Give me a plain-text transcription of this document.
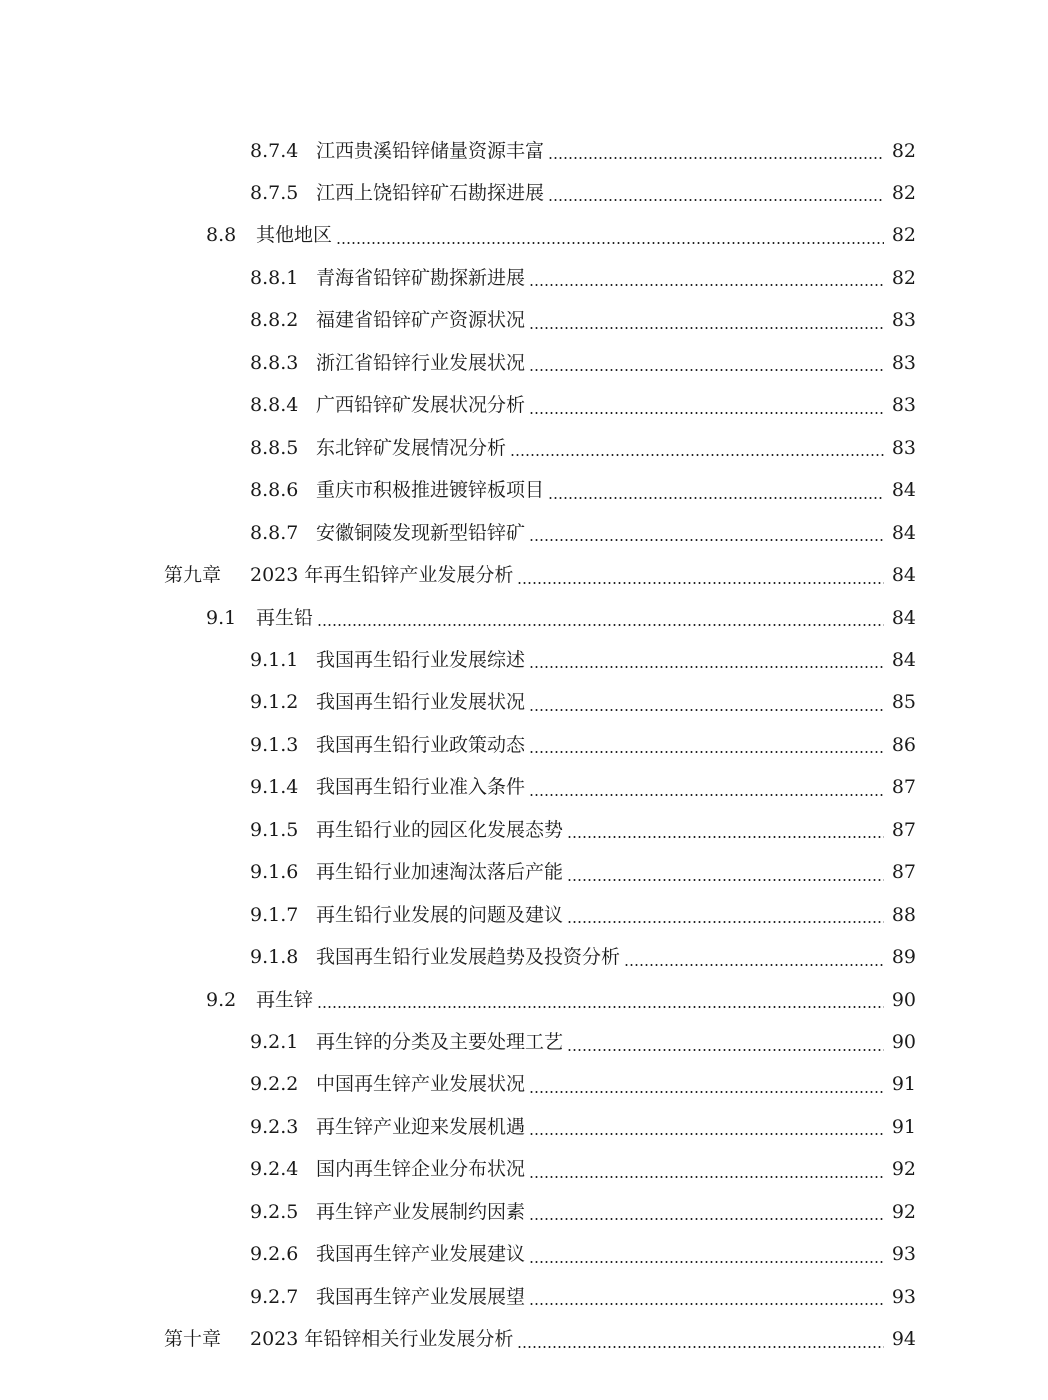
8.7.4 江西贵溪铅锌储量资源丰富	82
8.7.5 江西上饶铅锌矿石勘探进展	82
8.8	其他地区	82
8.8.1 青海省铅锌矿勘探新进展	82
8.8.2 福建省铅锌矿产资源状况	83
8.8.3 浙江省铅锌行业发展状况	83
8.8.4 广西铅锌矿发展状况分析	83
8.8.5 东北锌矿发展情况分析	83
8.8.6 重庆市积极推进镀锌板项目	84
8.8.7 安徽铜陵发现新型铅锌矿	84
第九章	2023 年再生铅锌产业发展分析	84
9.1	再生铅	84
9.1.1 我国再生铅行业发展综述	84
9.1.2 我国再生铅行业发展状况	85
9.1.3 我国再生铅行业政策动态	86
9.1.4 我国再生铅行业准入条件	87
9.1.5 再生铅行业的园区化发展态势	87
9.1.6 再生铅行业加速淘汰落后产能	87
9.1.7 再生铅行业发展的问题及建议	88
9.1.8 我国再生铅行业发展趋势及投资分析	89
9.2	再生锌	90
9.2.1 再生锌的分类及主要处理工艺	90
9.2.2 中国再生锌产业发展状况	91
9.2.3 再生锌产业迎来发展机遇	91
9.2.4 国内再生锌企业分布状况	92
9.2.5 再生锌产业发展制约因素	92
9.2.6 我国再生锌产业发展建议	93
9.2.7 我国再生锌产业发展展望	93
第十章	2023 年铅锌相关行业发展分析	94
